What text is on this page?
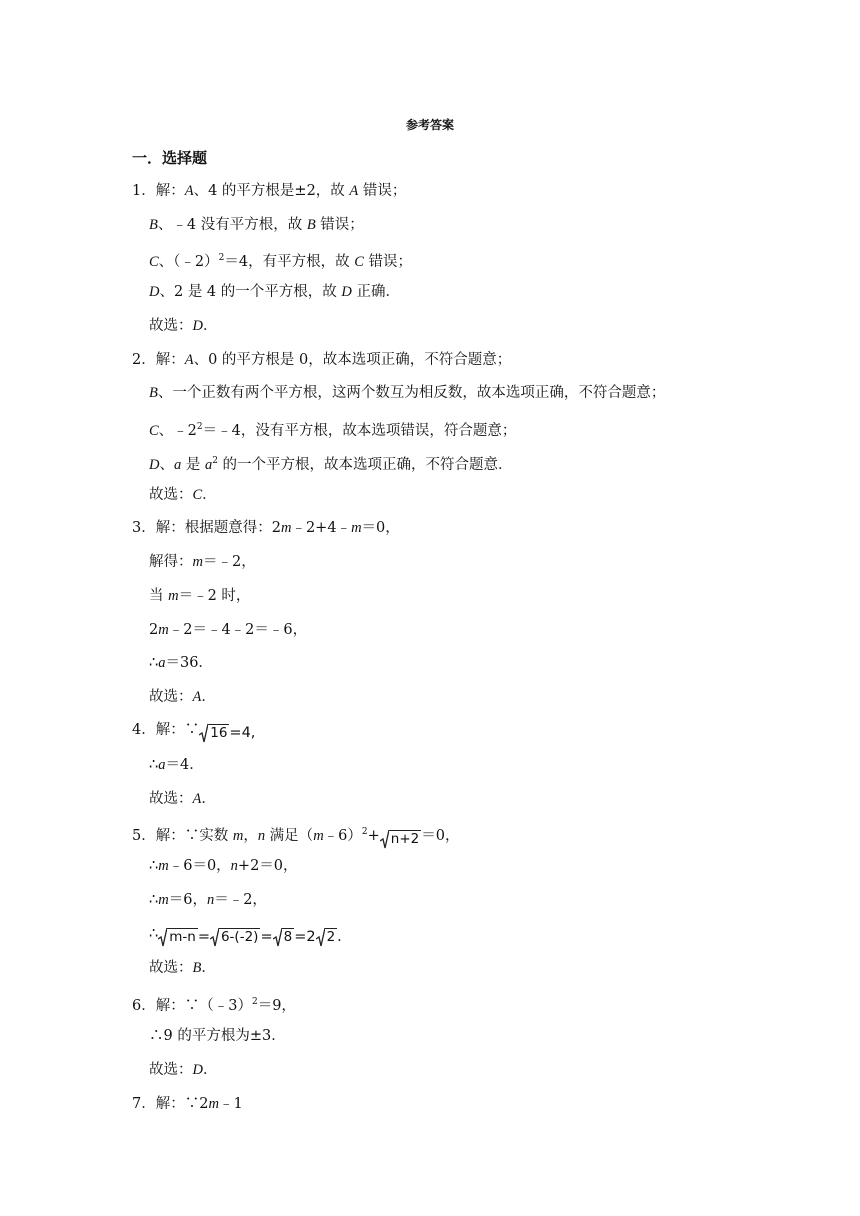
参考答案
一．选择题
1．解：A、4 的平方根是±2，故 A 错误；
B、﹣4 没有平方根，故 B 错误；
C、（﹣2）$^2$＝4，有平方根，故 C 错误；
D、2 是 4 的一个平方根，故 D 正确．
故选：D．
2．解：A、0 的平方根是 0，故本选项正确，不符合题意；
B、一个正数有两个平方根，这两个数互为相反数，故本选项正确，不符合题意；
C、$﹣2^2=﹣4$，没有平方根，故本选项错误，符合题意；
D、a 是 $a^2$ 的一个平方根，故本选项正确，不符合题意．
故选：C．
3．解：根据题意得：2m﹣2+4﹣m＝0，
解得：m＝﹣2，
当 m＝﹣2 时，
2m﹣2＝﹣4﹣2＝﹣6，
∴a＝36．
故选：A．
4．解：∵ 16 =4,
∴a＝4．
故选：A．
5．解：∵实数 m，n 满足（m﹣6）$^2$+ n+2 ＝0，
∴m﹣6＝0，n+2＝0，
∴m＝6，n＝﹣2，
∴ m-n = 6-(-2) = 8 =2 2 .
故选：B．
6．解：∵（﹣3）$^2$＝9，
∴9 的平方根为±3．
故选：D．
7．解：∵2m﹣1
